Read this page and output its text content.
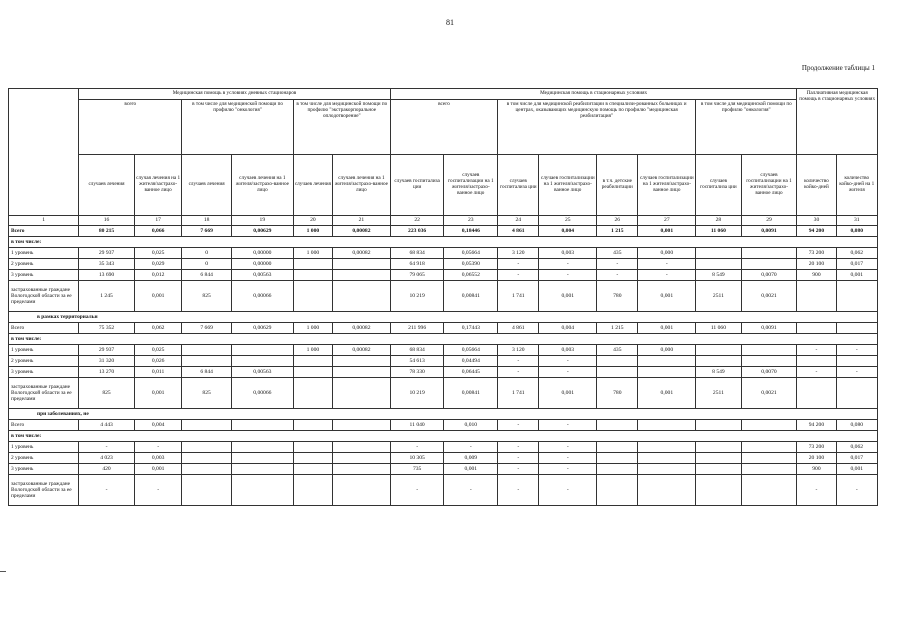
81
Продолжение таблицы 1
	Медицинская помощь в условиях дневных стационаров						Медицинская помощь в стационарных условиях								Паллиативная медицинская помощь в стационарных условиях	
	всего		в том числе для медицинской помощи по профилю "онкология"		в том числе для медицинской помощи по профилю "экстракорпоральное оплодотворение"		всего		в том числе для медицинской реабилитации в специализи-рованных больницах и центрах, оказывающих медицинскую помощь по профилю "медицинская реабилитация"				в том числе для медицинской помощи по профилю "онкология"			
	случаев лечения	случая лечения на 1 жителя/застрахо-ванное лицо	случаев лечения	случаев лечения на 1 жителя/застрахо-ванное лицо	случаев лечения	случаев лечения на 1 жителя/застрахо-ванное лицо	случаев госпитализа ции	случаев госпитализации на 1 жителя/застрахо-ванное лицо	случаев госпитализа ции	случаев госпитализации на 1 жителя/застрахо-ванное лицо	в т.ч. детские реабилитации	случаев госпитализации на 1 жителя/застрахо-ванное лицо	случаев госпитализа ции	случаев госпитализации на 1 жителя/застрахо-ванное лицо	количество койко-дней	количество койко-дней на 1 жителя
1	16	17	18	19	20	21	22	23	24	25	26	27	28	29	30	31
Всего	80 215	0,066	7 669	0,00629	1 000	0,00082	223 036	0,18446	4 861	0,004	1 215	0,001	11 060	0,0091	94 200	0,080
в том числе:																
1 уровень	29 937	0,025	0	0,00000	1 000	0,00082	68 834	0,05664	3 120	0,003	435	0,000			73 200	0,062
2 уровень	35 343	0,029	0	0,00000			64 918	0,05390	-	-	-	-			20 100	0,017
3 уровень	13 690	0,012	6 844	0,00563			79 065	0,06552	-	-	-	-	8 549	0,0070	900	0,001
застрахованные граждане Вологодской области за ее пределами	1 245	0,001	825	0,00066			10 219	0,00841	1 741	0,001	780	0,001	2511	0,0021		
в рамках территориальн																
Всего	75 352	0,062	7 669	0,00629	1 000	0,00082	211 996	0,17443	4 861	0,004	1 215	0,001	11 060	0,0091		
в том числе:																
1 уровень	29 937	0,025			1 000	0,00082	68 834	0,05664	3 120	0,003	435	0,000			-	-
2 уровень	31 320	0,026					54 613	0,04494	-	-						
3 уровень	13 270	0,011	6 844	0,00563			78 330	0,06445	-	-			8 549	0,0070	-	-
застрахованные граждане Вологодской области за ее пределами	825	0,001	825	0,00066			10 219	0,00841	1 741	0,001	780	0,001	2511	0,0021		
при заболеваниях, не																
Всего	4 443	0,004					11 040	0,010	-	-					94 200	0,080
в том числе:																
1 уровень	-	-					-	-	-	-					73 200	0,062
2 уровень	4 023	0,003					10 305	0,009	-	-					20 100	0,017
3 уровень	420	0,001					735	0,001	-	-					900	0,001
застрахованные граждане Вологодской области за ее пределами	-	-					-	-	-	-					-	-
